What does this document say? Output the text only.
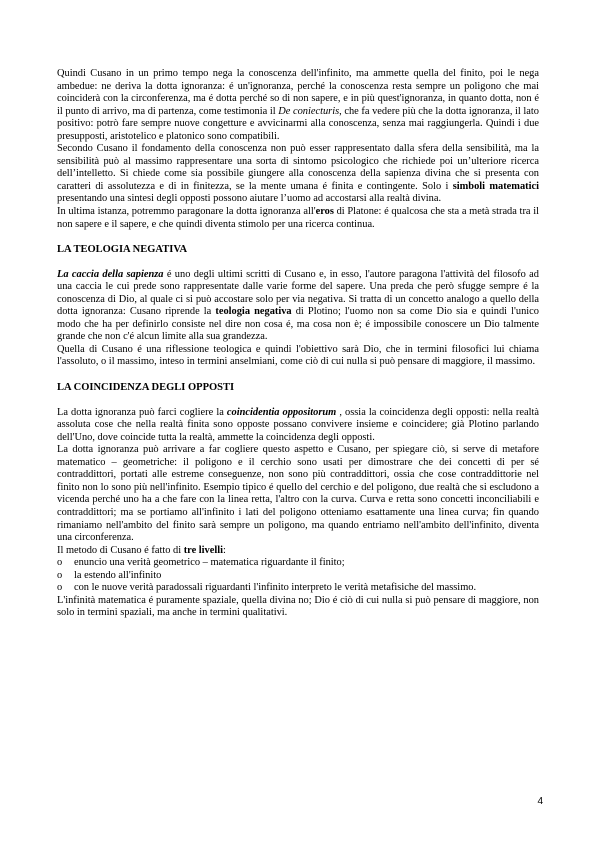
Quindi Cusano in un primo tempo nega la conoscenza dell'infinito, ma ammette quella del finito, poi le nega ambedue: ne deriva la dotta ignoranza: é un'ignoranza, perché la conoscenza resta sempre un poligono che mai coinciderà con la circonferenza, ma é dotta perché so di non sapere, e in più quest'ignoranza, in quanto dotta, non é il punto di arrivo, ma di partenza, come testimonia il De coniecturis, che fa vedere più che la dotta ignoranza, il lato positivo: potrò fare sempre nuove congetture e avvicinarmi alla conoscenza, senza mai raggiungerla. Quindi i due presupposti, aristotelico e platonico sono compatibili.

Secondo Cusano il fondamento della conoscenza non può esser rappresentato dalla sfera della sensibilità, ma la sensibilità può al massimo rappresentare una sorta di sintomo psicologico che richiede poi un’ulteriore ricerca dell’intelletto. Si chiede come sia possibile giungere alla conoscenza della sapienza divina che si presenta con caratteri di assolutezza e di in finitezza, se la mente umana é finita e contingente. Solo i simboli matematici presentando una sintesi degli opposti possono aiutare l’uomo ad accostarsi alla realtà divina.

In ultima istanza, potremmo paragonare la dotta ignoranza all'eros di Platone: é qualcosa che sta a metà strada tra il non sapere e il sapere, e che quindi diventa stimolo per una ricerca continua.

LA TEOLOGIA NEGATIVA

La caccia della sapienza é uno degli ultimi scritti di Cusano e, in esso, l'autore paragona l'attività del filosofo ad una caccia le cui prede sono rappresentate dalle varie forme del sapere. Una preda che però sfugge sempre é la conoscenza di Dio, al quale ci si può accostare solo per via negativa. Si tratta di un concetto analogo a quello della dotta ignoranza: Cusano riprende la teologia negativa di Plotino; l'uomo non sa come Dio sia e quindi l'unico modo che ha per definirlo consiste nel dire non cosa é, ma cosa non è; é impossibile conoscere un Dio talmente grande che non c'é alcun limite alla sua grandezza.

Quella di Cusano é una riflessione teologica e quindi l'obiettivo sarà Dio, che in termini filosofici lui chiama l'assoluto, o il massimo, inteso in termini anselmiani, come ciò di cui nulla si può pensare di maggiore, il massimo.

LA COINCIDENZA DEGLI OPPOSTI

La dotta ignoranza può farci cogliere la coincidentia oppositorum , ossia la coincidenza degli opposti: nella realtà assoluta cose che nella realtà finita sono opposte possano convivere insieme e coincidere; già Plotino parlando dell'Uno, dove coincide tutta la realtà, ammette la coincidenza degli opposti.

La dotta ignoranza può arrivare a far cogliere questo aspetto e Cusano, per spiegare ciò, si serve di metafore matematico – geometriche: il poligono e il cerchio sono usati per dimostrare che dei concetti di per sé contraddittori, portati alle estreme conseguenze, non sono più contraddittori, ossia che cose contraddittorie nel finito non lo sono più nell'infinito. Esempio tipico é quello del cerchio e del poligono, due realtà che si escludono a vicenda perché uno ha a che fare con la linea retta, l'altro con la curva. Curva e retta sono concetti inconciliabili e contraddittori; ma se portiamo all'infinito i lati del poligono otteniamo esattamente una linea curva; fin quando rimaniamo nell'ambito del finito sarà sempre un poligono, ma quando entriamo nell'ambito dell'infinito, diventa una circonferenza.

Il metodo di Cusano é fatto di tre livelli:

o enuncio una verità geometrico – matematica riguardante il finito;
o la estendo all'infinito
o con le nuove verità paradossali riguardanti l'infinito interpreto le verità metafisiche del massimo.

L'infinità matematica é puramente spaziale, quella divina no; Dio é ciò di cui nulla si può pensare di maggiore, non solo in termini spaziali, ma anche in termini qualitativi.

4
